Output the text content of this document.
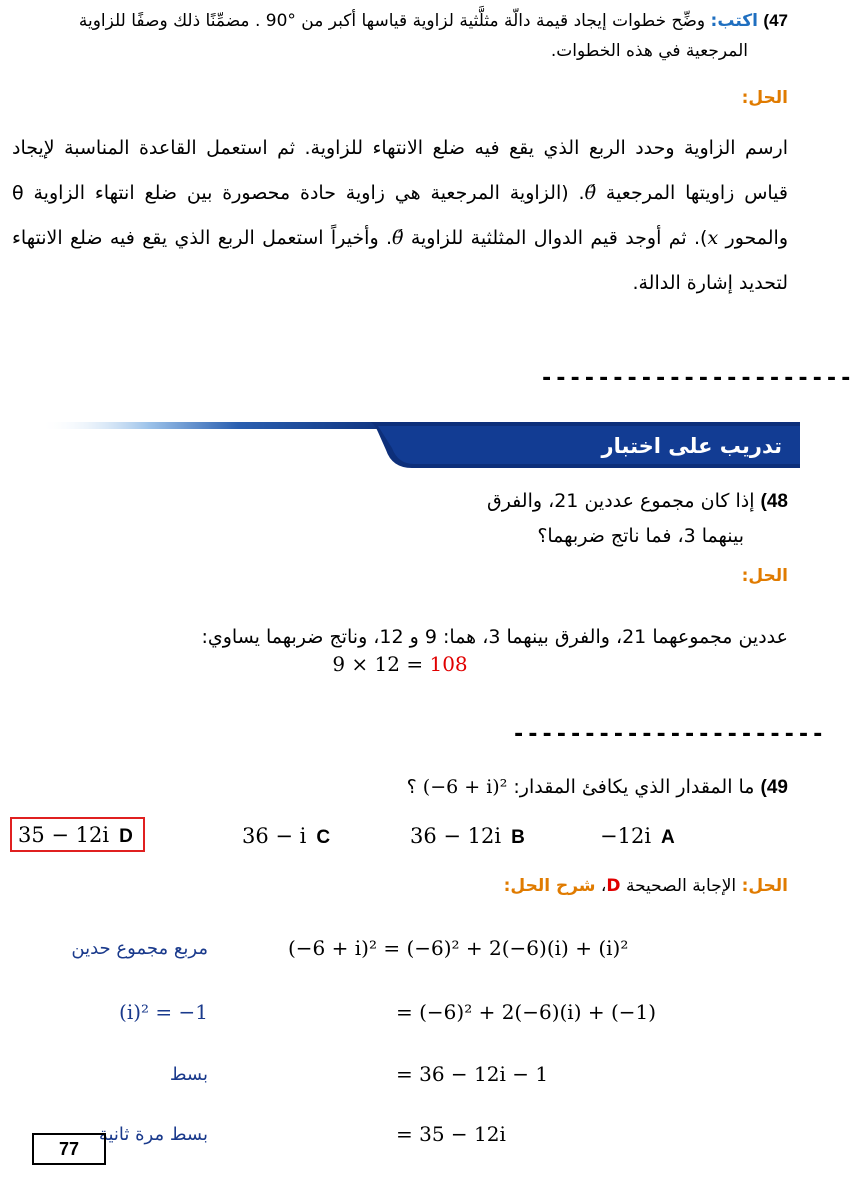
47) اكتب: وضِّح خطوات إيجاد قيمة دالّة مثلَّثية لزاوية قياسها أكبر من °90 . مضمِّنًا ذلك وصفًا للزاوية
المرجعية في هذه الخطوات.
الحل:
ارسم الزاوية وحدد الربع الذي يقع فيه ضلع الانتهاء للزاوية. ثم استعمل القاعدة المناسبة لإيجاد قياس زاويتها المرجعية θ́. (الزاوية المرجعية هي زاوية حادة محصورة بين ضلع انتهاء الزاوية θ والمحور x). ثم أوجد قيم الدوال المثلثية للزاوية θ́. وأخيراً استعمل الربع الذي يقع فيه ضلع الانتهاء لتحديد إشارة الدالة.
----------------------
تدريب على اختبار
48) إذا كان مجموع عددين 21، والفرق
بينهما 3، فما ناتج ضربهما؟
الحل:
عددين مجموعهما 21، والفرق بينهما 3، هما: 9 و 12، وناتج ضربهما يساوي:
9 × 12 = 108
----------------------
49) ما المقدار الذي يكافئ المقدار: (−6 + i)² ؟
−12i A
36 − 12i B
36 − i C
35 − 12i D
الحل: الإجابة الصحيحة D، شرح الحل:
(−6 + i)² = (−6)² + 2(−6)(i) + (i)²
مربع مجموع حدين
= (−6)² + 2(−6)(i) + (−1)
(i)² = −1
= 36 − 12i − 1
بسط
= 35 − 12i
بسط مرة ثانية
77
